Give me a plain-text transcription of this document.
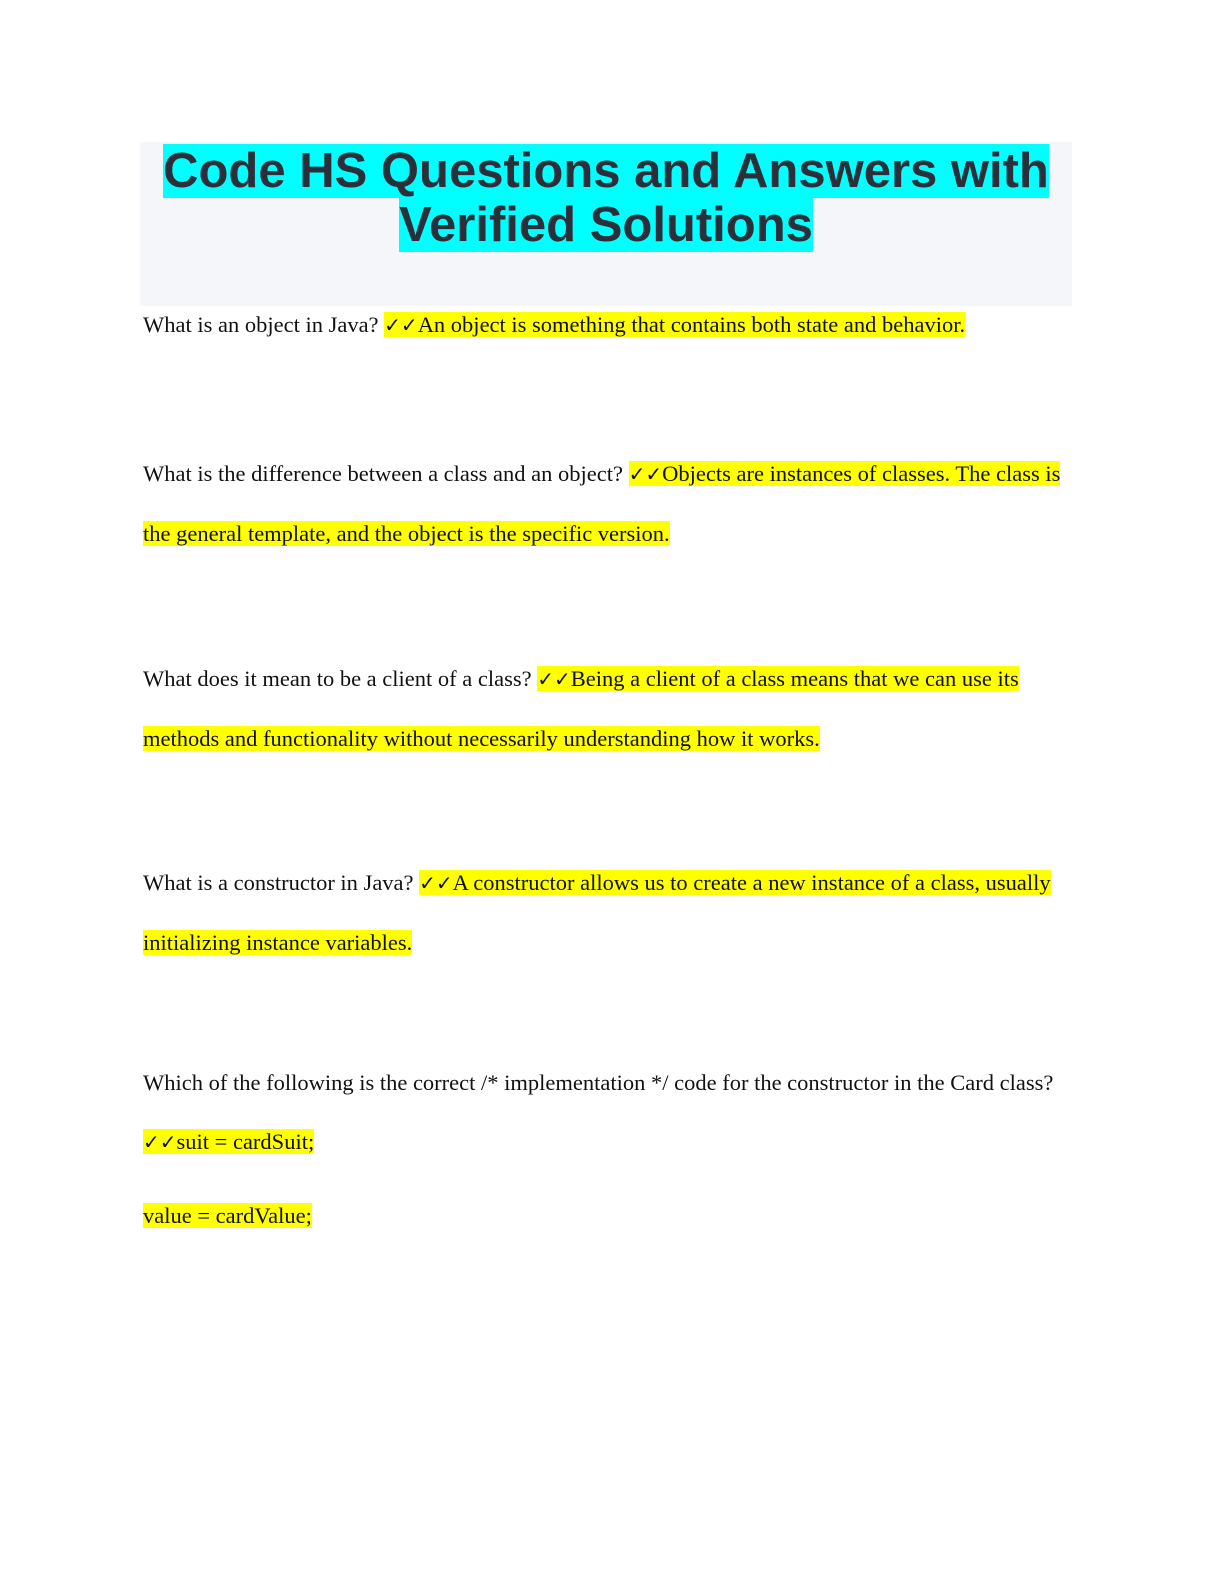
Code HS Questions and Answers with
Verified Solutions

What is an object in Java? ✓✓An object is something that contains both state and behavior.

What is the difference between a class and an object? ✓✓Objects are instances of classes. The class is the general template, and the object is the specific version.

What does it mean to be a client of a class? ✓✓Being a client of a class means that we can use its methods and functionality without necessarily understanding how it works.

What is a constructor in Java? ✓✓A constructor allows us to create a new instance of a class, usually initializing instance variables.

Which of the following is the correct /* implementation */ code for the constructor in the Card class? ✓✓suit = cardSuit;

value = cardValue;
